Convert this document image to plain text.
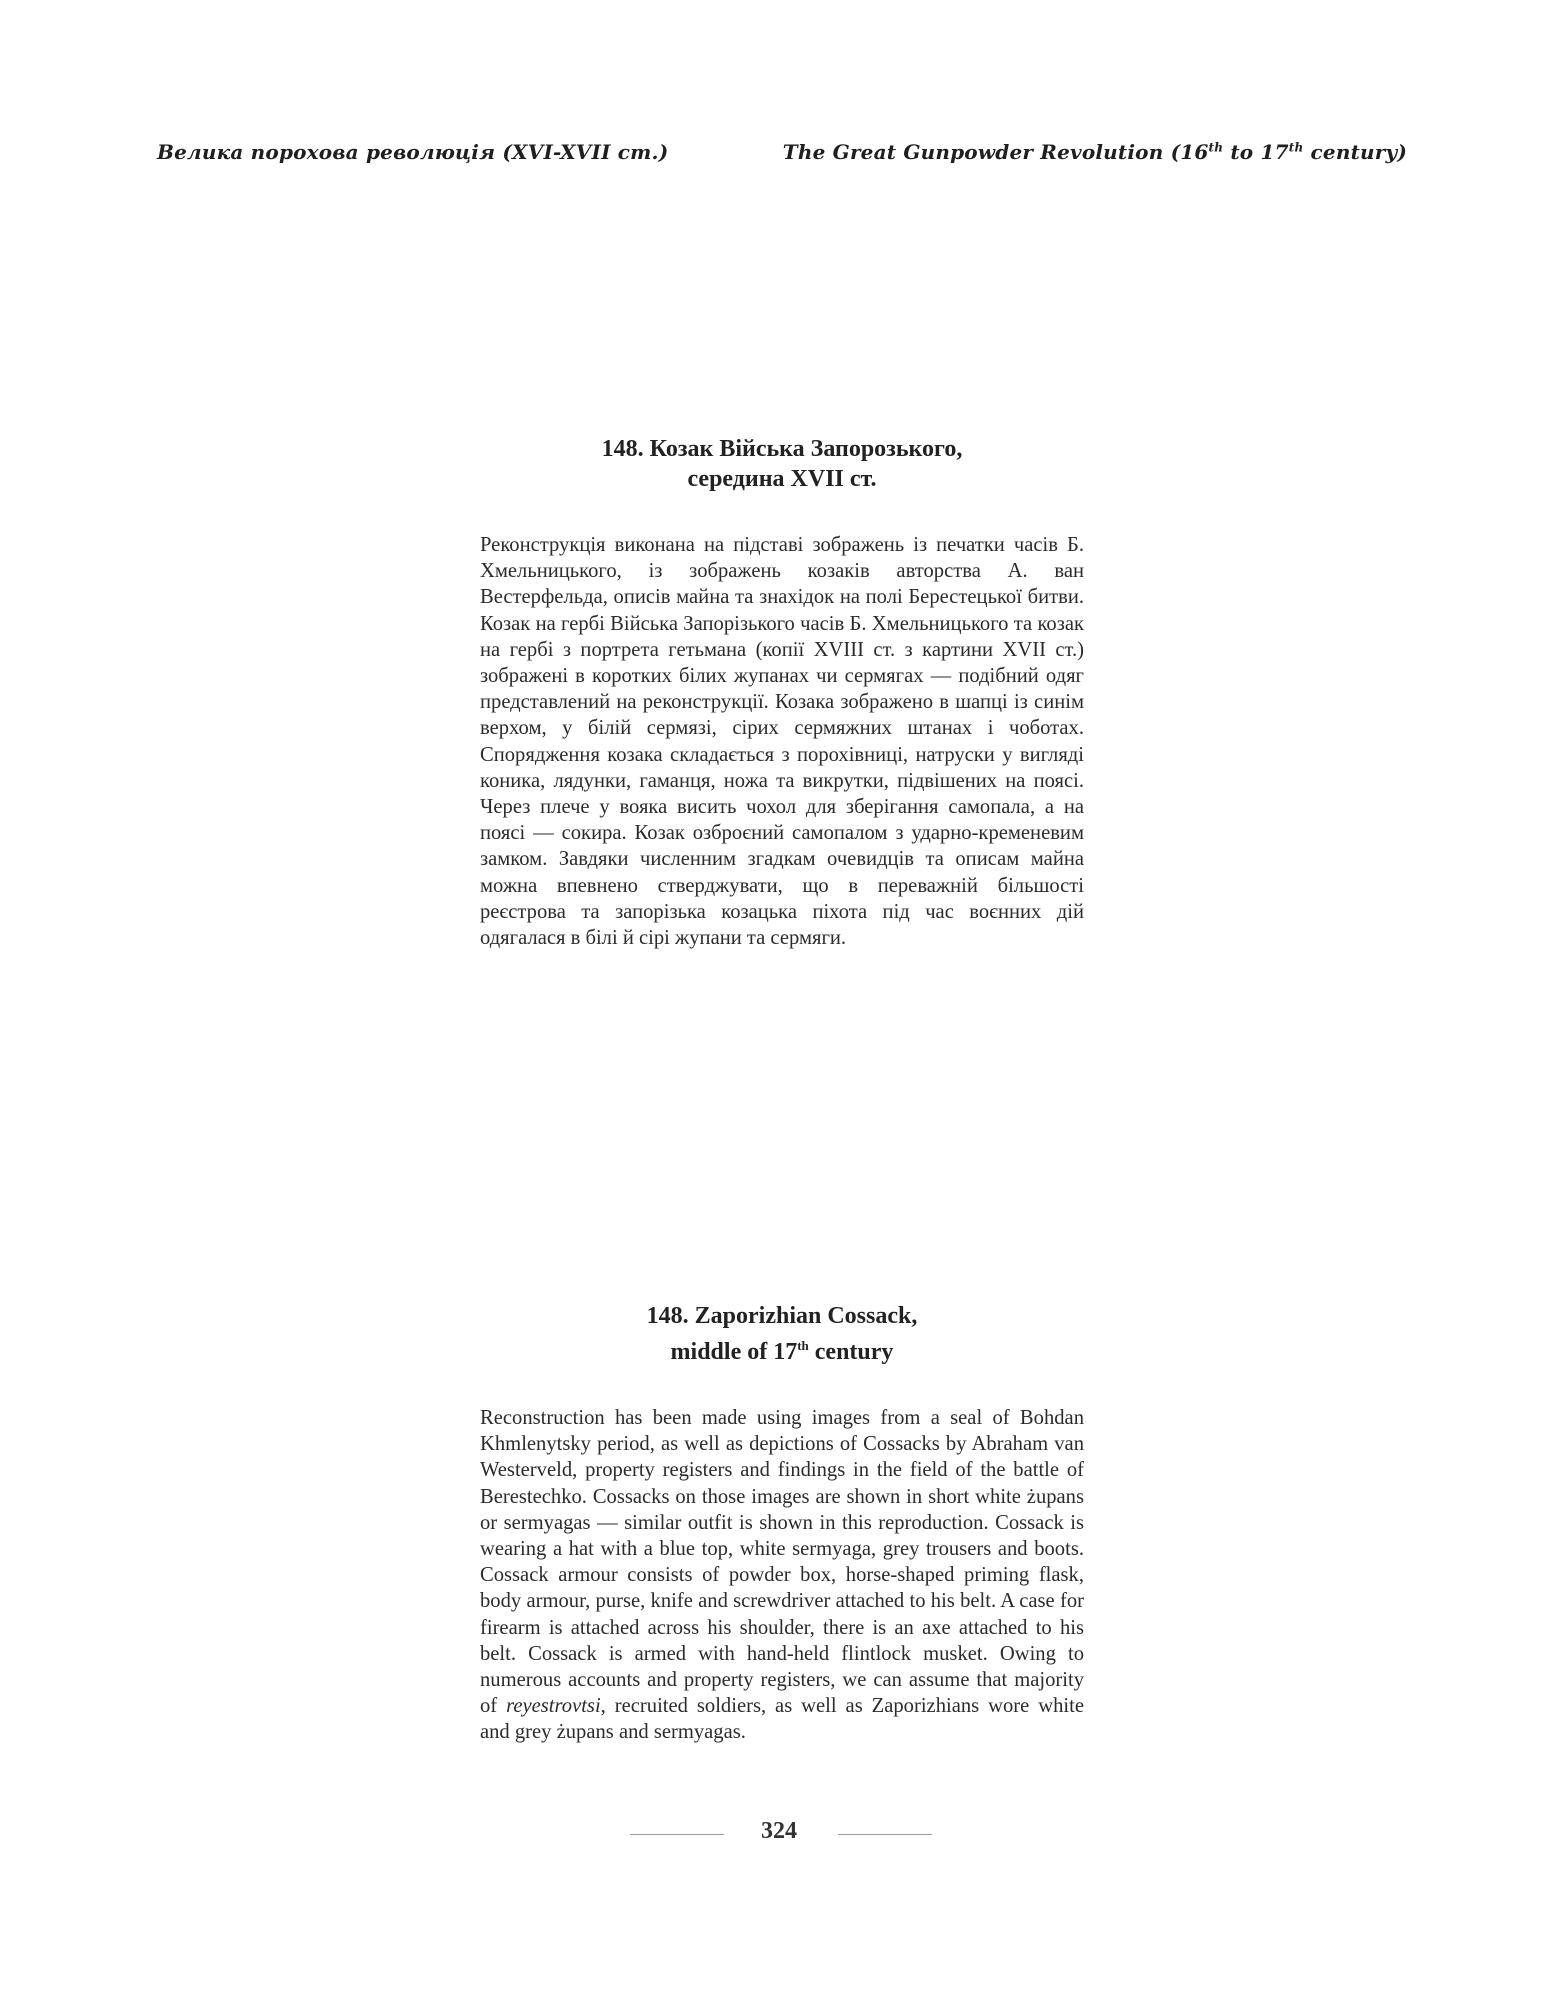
Велика порохова революція (XVI-XVII ст.)	The Great Gunpowder Revolution (16th to 17th century)
148. Козак Війська Запорозького,
середина XVII ст.

Реконструкція виконана на підставі зображень із печатки часів Б. Хмельницького, із зображень козаків авторства А. ван Вестерфельда, описів майна та знахідок на полі Берестецької битви. Козак на гербі Війська Запорізького часів Б. Хмельницького та козак на гербі з портрета гетьмана (копії XVIII ст. з картини XVII ст.) зображені в коротких білих жупанах чи сермягах — подібний одяг представлений на реконструкції. Козака зображено в шапці із синім верхом, у білій сермязі, сірих сермяжних штанах і чоботах. Спорядження козака складається з порохівниці, натруски у вигляді коника, лядунки, гаманця, ножа та викрутки, підвішених на поясі. Через плече у вояка висить чохол для зберігання самопала, а на поясі — сокира. Козак озброєний самопалом з ударно-кременевим замком. Завдяки численним згадкам очевидців та описам майна можна впевнено стверджувати, що в переважній більшості реєстрова та запорізька козацька піхота під час воєнних дій одягалася в білі й сірі жупани та сермяги.

148. Zaporizhian Cossack,
middle of 17th century

Reconstruction has been made using images from a seal of Bohdan Khmlenytsky period, as well as depictions of Cossacks by Abraham van Westerveld, property registers and findings in the field of the battle of Berestechko. Cossacks on those images are shown in short white żupans or sermyagas — similar outfit is shown in this reproduction. Cossack is wearing a hat with a blue top, white sermyaga, grey trousers and boots. Cossack armour consists of powder box, horse-shaped priming flask, body armour, purse, knife and screwdriver attached to his belt. A case for firearm is attached across his shoulder, there is an axe attached to his belt. Cossack is armed with hand-held flintlock musket. Owing to numerous accounts and property registers, we can assume that majority of reyestrovtsi, recruited soldiers, as well as Zaporizhians wore white and grey żupans and sermyagas.

324
